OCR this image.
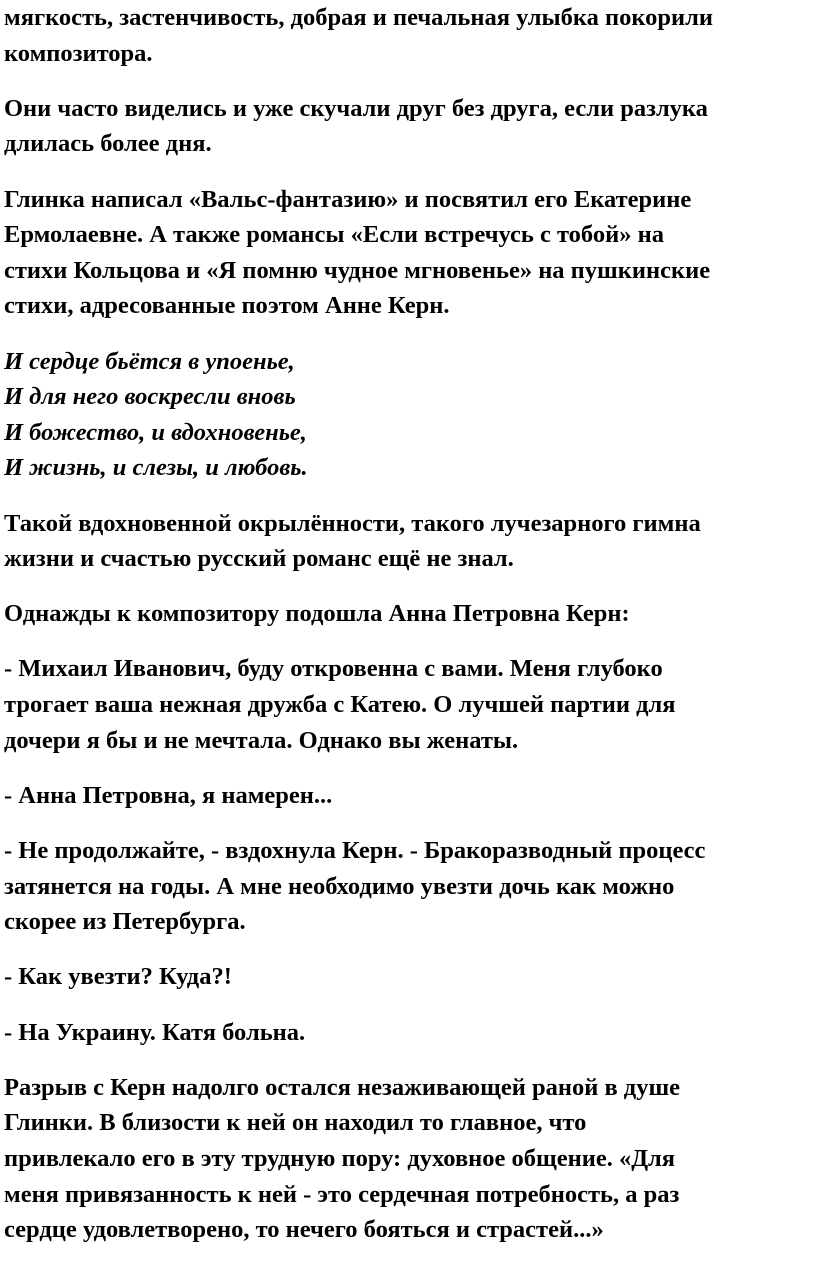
мягкость, застенчивость, добрая и печальная улыбка покорили
композитора.

Они часто виделись и уже скучали друг без друга, если разлука
длилась более дня.

Глинка написал «Вальс-фантазию» и посвятил его Екатерине
Ермолаевне. А также романсы «Если встречусь с тобой» на
стихи Кольцова и «Я помню чудное мгновенье» на пушкинские
стихи, адресованные поэтом Анне Керн.

И сердце бьётся в упоенье,
И для него воскресли вновь
И божество, и вдохновенье,
И жизнь, и слезы, и любовь.

Такой вдохновенной окрылённости, такого лучезарного гимна
жизни и счастью русский романс ещё не знал.

Однажды к композитору подошла Анна Петровна Керн:

- Михаил Иванович, буду откровенна с вами. Меня глубоко
трогает ваша нежная дружба с Катею. О лучшей партии для
дочери я бы и не мечтала. Однако вы женаты.

- Анна Петровна, я намерен...

- Не продолжайте, - вздохнула Керн. - Бракоразводный процесс
затянется на годы. А мне необходимо увезти дочь как можно
скорее из Петербурга.

- Как увезти? Куда?!

- На Украину. Катя больна.

Разрыв с Керн надолго остался незаживающей раной в душе
Глинки. В близости к ней он находил то главное, что
привлекало его в эту трудную пору: духовное общение. «Для
меня привязанность к ней - это сердечная потребность, а раз
сердце удовлетворено, то нечего бояться и страстей...»
